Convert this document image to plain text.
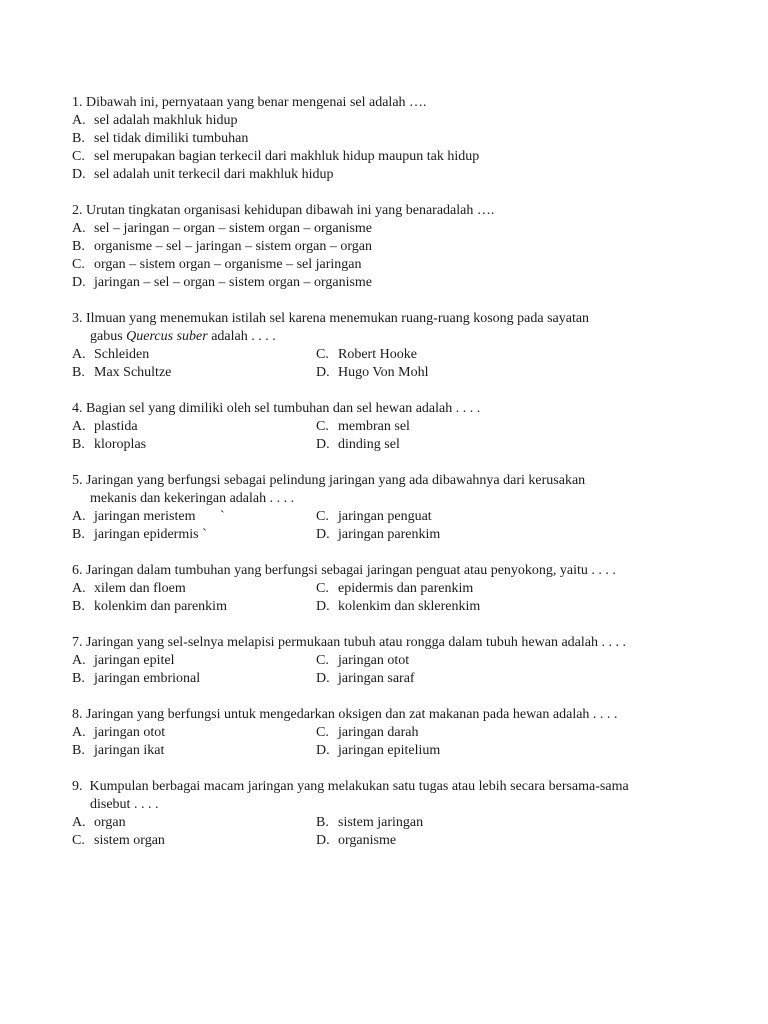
1. Dibawah ini, pernyataan yang benar mengenai sel adalah ….
A. sel adalah makhluk hidup
B. sel tidak dimiliki tumbuhan
C. sel merupakan bagian terkecil dari makhluk hidup maupun tak hidup
D. sel adalah unit terkecil dari makhluk hidup
2. Urutan tingkatan organisasi kehidupan dibawah ini yang benaradalah ….
A. sel – jaringan – organ – sistem organ – organisme
B. organisme – sel – jaringan – sistem organ – organ
C. organ – sistem organ – organisme – sel jaringan
D. jaringan – sel – organ – sistem organ – organisme
3. Ilmuan yang menemukan istilah sel karena menemukan ruang-ruang kosong pada sayatan
gabus Quercus suber adalah . . . .
A. Schleiden	C. Robert Hooke
B. Max Schultze	D. Hugo Von Mohl
4. Bagian sel yang dimiliki oleh sel tumbuhan dan sel hewan adalah . . . .
A. plastida	C. membran sel
B. kloroplas	D. dinding sel
5. Jaringan yang berfungsi sebagai pelindung jaringan yang ada dibawahnya dari kerusakan
mekanis dan kekeringan adalah . . . .
A. jaringan meristem       `	C. jaringan penguat
B. jaringan epidermis `	D. jaringan parenkim
6. Jaringan dalam tumbuhan yang berfungsi sebagai jaringan penguat atau penyokong, yaitu . . . .
A. xilem dan floem	C. epidermis dan parenkim
B. kolenkim dan parenkim	D. kolenkim dan sklerenkim
7. Jaringan yang sel-selnya melapisi permukaan tubuh atau rongga dalam tubuh hewan adalah . . . .
A. jaringan epitel	C. jaringan otot
B. jaringan embrional	D. jaringan saraf
8. Jaringan yang berfungsi untuk mengedarkan oksigen dan zat makanan pada hewan adalah . . . .
A. jaringan otot	C. jaringan darah
B. jaringan ikat	D. jaringan epitelium
9.  Kumpulan berbagai macam jaringan yang melakukan satu tugas atau lebih secara bersama-sama
disebut . . . .
A. organ	B. sistem jaringan
C. sistem organ	D. organisme
